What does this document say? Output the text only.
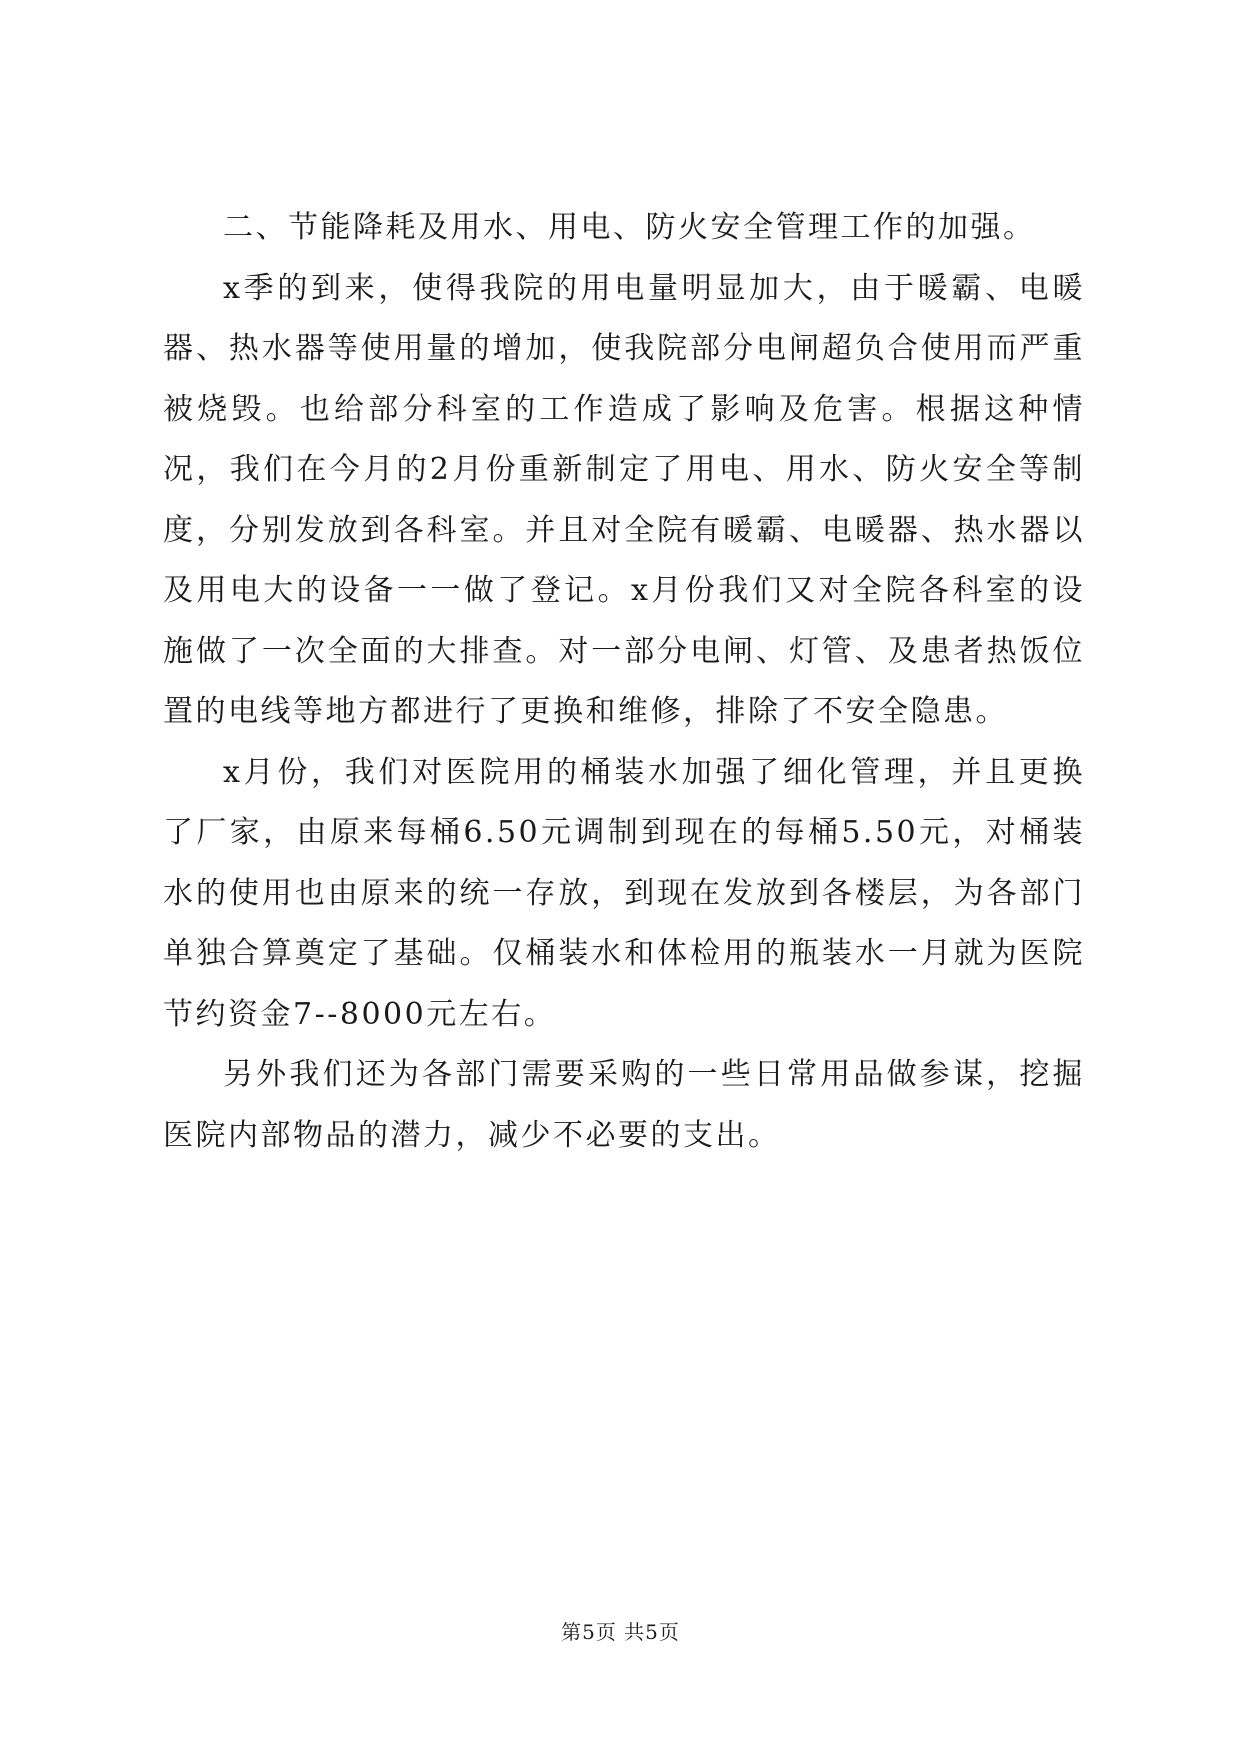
二、节能降耗及用水、用电、防火安全管理工作的加强。

x季的到来，使得我院的用电量明显加大，由于暖霸、电暖器、热水器等使用量的增加，使我院部分电闸超负合使用而严重被烧毁。也给部分科室的工作造成了影响及危害。根据这种情况，我们在今月的2月份重新制定了用电、用水、防火安全等制度，分别发放到各科室。并且对全院有暖霸、电暖器、热水器以及用电大的设备一一做了登记。x月份我们又对全院各科室的设施做了一次全面的大排查。对一部分电闸、灯管、及患者热饭位置的电线等地方都进行了更换和维修，排除了不安全隐患。

x月份，我们对医院用的桶装水加强了细化管理，并且更换了厂家，由原来每桶6.50元调制到现在的每桶5.50元，对桶装水的使用也由原来的统一存放，到现在发放到各楼层，为各部门单独合算奠定了基础。仅桶装水和体检用的瓶装水一月就为医院节约资金7--8000元左右。

另外我们还为各部门需要采购的一些日常用品做参谋，挖掘医院内部物品的潜力，减少不必要的支出。

第5页 共5页
